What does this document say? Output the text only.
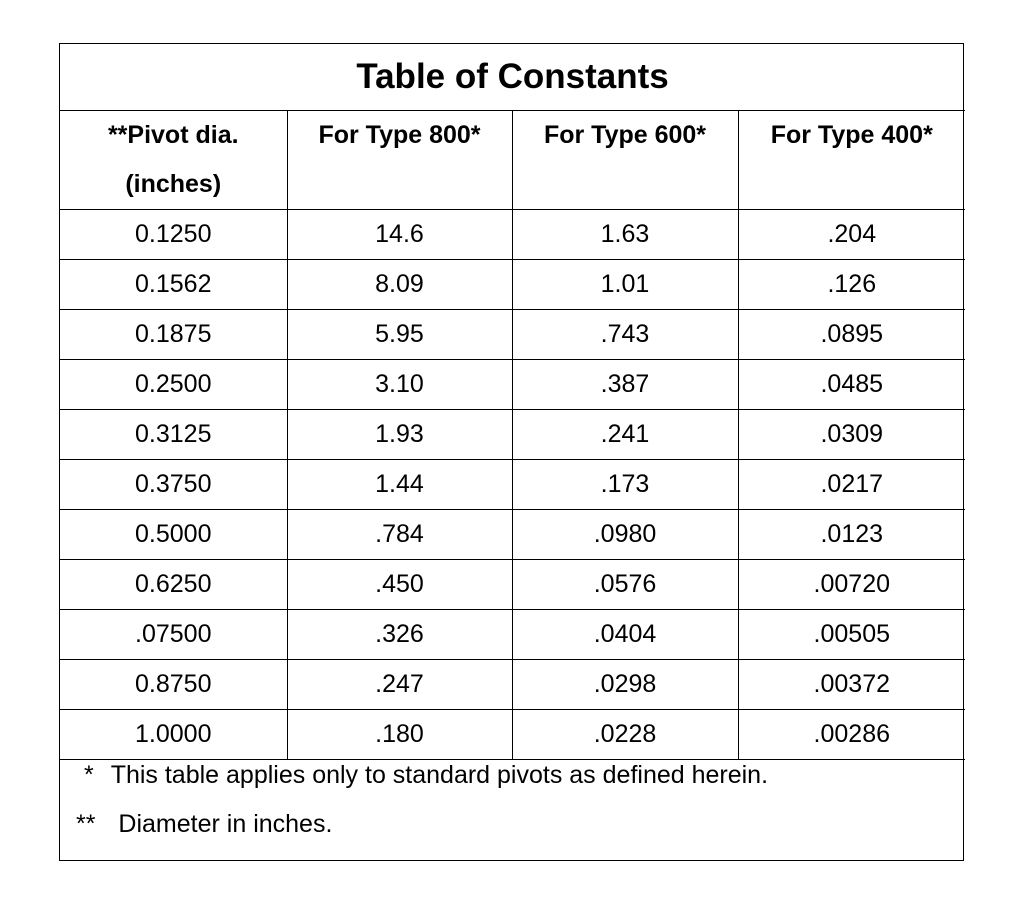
Table of Constants			
**Pivot dia.
(inches)	For Type 800*	For Type 600*	For Type 400*
0.1250	14.6	1.63	.204
0.1562	8.09	1.01	.126
0.1875	5.95	.743	.0895
0.2500	3.10	.387	.0485
0.3125	1.93	.241	.0309
0.3750	1.44	.173	.0217
0.5000	.784	.0980	.0123
0.6250	.450	.0576	.00720
.07500	.326	.0404	.00505
0.8750	.247	.0298	.00372
1.0000	.180	.0228	.00286
* This table applies only to standard pivots as defined herein.
** Diameter in inches.
